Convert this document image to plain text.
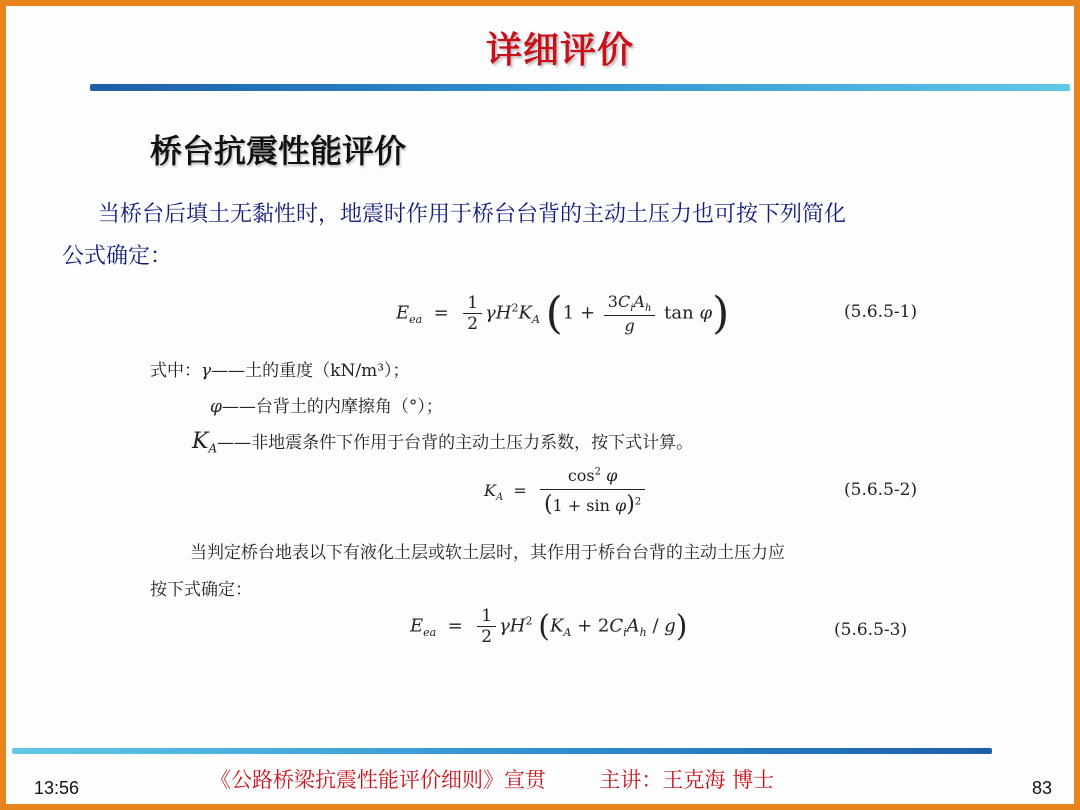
详细评价
桥台抗震性能评价
当桥台后填土无黏性时，地震时作用于桥台台背的主动土压力也可按下列简化
公式确定：
$E_{ea} = \frac{1}{2} \gamma H^2K_A$ ($1 + \frac{3C_iA_h}{g}$ tan φ)	(5.6.5-1)
式中：γ——土的重度（kN/m³）；
φ——台背土的内摩擦角（°）；
$K_A——$非地震条件下作用于台背的主动土压力系数，按下式计算。
$K_A = \frac{\cos^2 \varphi}{(1 + \sin \varphi)^2}$	(5.6.5-2)
当判定桥台地表以下有液化土层或软土层时，其作用于桥台台背的主动土压力应
按下式确定：
$E_{ea} = \frac{1}{2} \gamma H^2$ $(K_A + 2C_iA_h / g)$	(5.6.5-3)
13:56	《公路桥梁抗震性能评价细则》宣贯        主讲：王克海 博士	83
